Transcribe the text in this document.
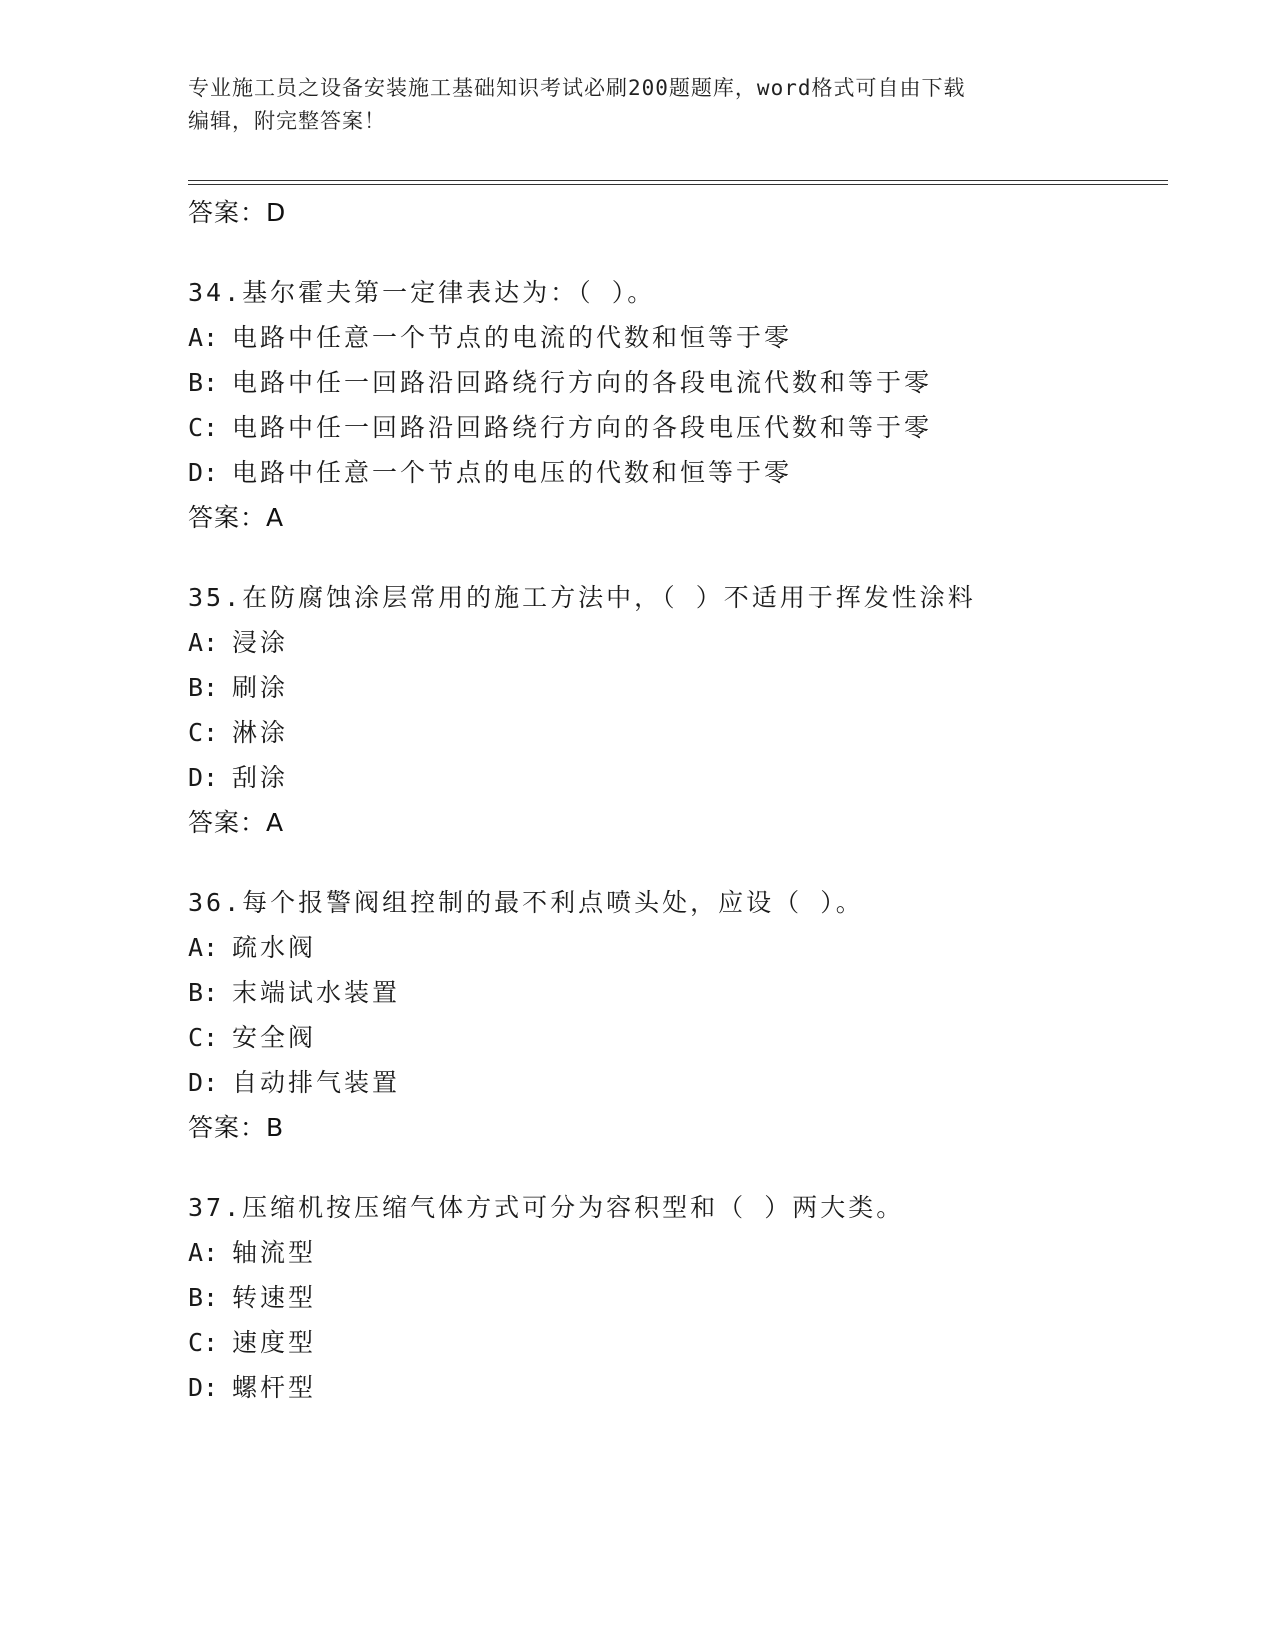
专业施工员之设备安装施工基础知识考试必刷200题题库，word格式可自由下载
编辑，附完整答案！
答案：D
34.基尔霍夫第一定律表达为：（ ）。
A: 电路中任意一个节点的电流的代数和恒等于零
B: 电路中任一回路沿回路绕行方向的各段电流代数和等于零
C: 电路中任一回路沿回路绕行方向的各段电压代数和等于零
D: 电路中任意一个节点的电压的代数和恒等于零
答案：A
35.在防腐蚀涂层常用的施工方法中，（ ）不适用于挥发性涂料
A: 浸涂
B: 刷涂
C: 淋涂
D: 刮涂
答案：A
36.每个报警阀组控制的最不利点喷头处，应设（ ）。
A: 疏水阀
B: 末端试水装置
C: 安全阀
D: 自动排气装置
答案：B
37.压缩机按压缩气体方式可分为容积型和（ ）两大类。
A: 轴流型
B: 转速型
C: 速度型
D: 螺杆型
